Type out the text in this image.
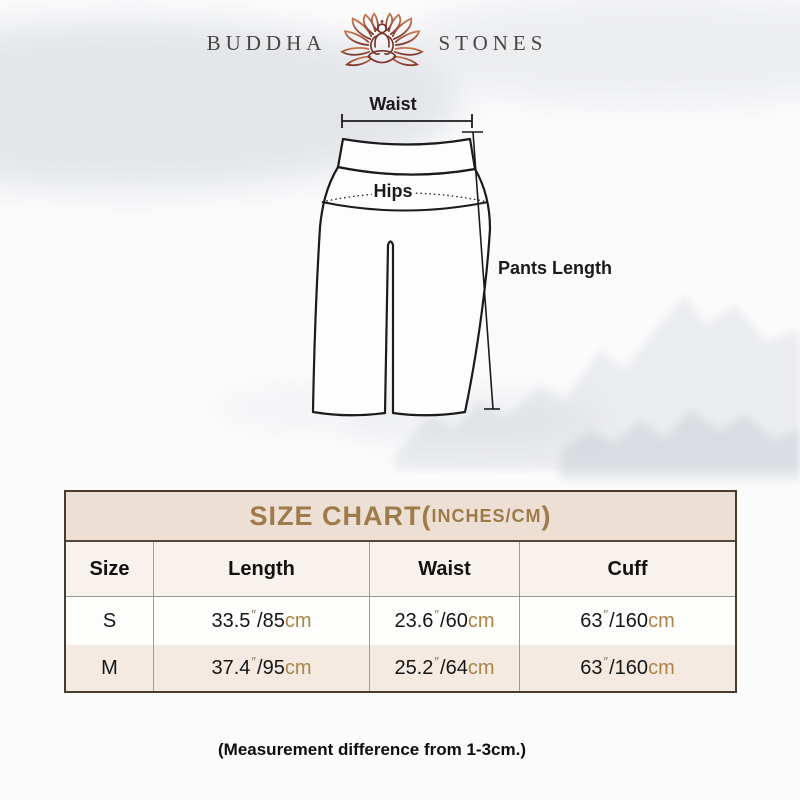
BUDDHA	STONES
Waist
Hips
Pants Length
SIZE CHART( INCHES/CM )
Size	Length	Waist	Cuff
S	33.5 ″ /85 cm	23.6 ″ /60 cm	63 ″ /160 cm
M	37.4 ″ /95 cm	25.2 ″ /64 cm	63 ″ /160 cm
(Measurement difference from 1-3cm.)
